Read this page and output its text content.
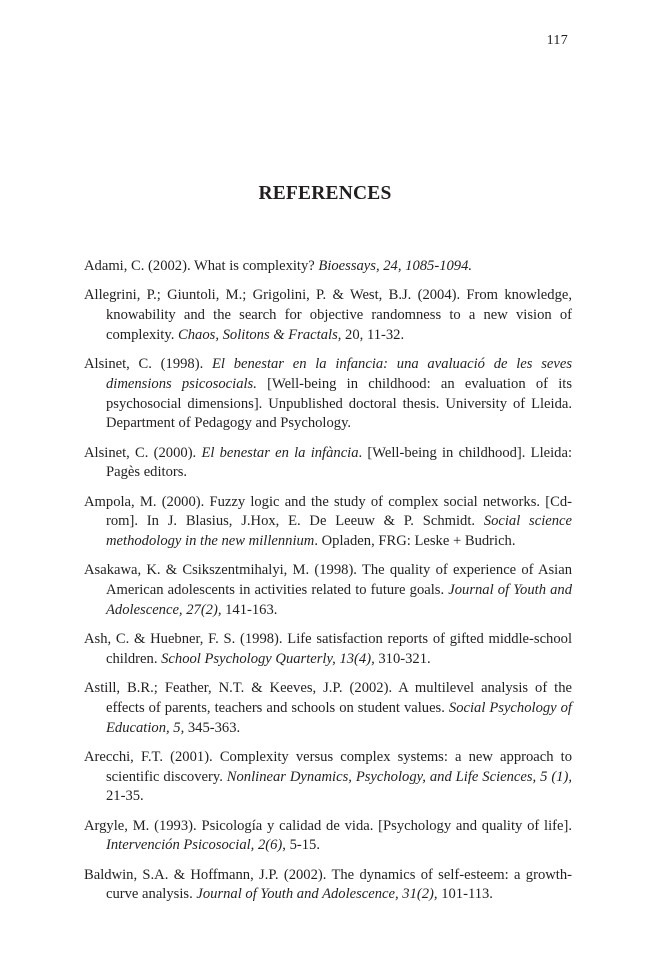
117
REFERENCES
Adami, C. (2002). What is complexity? Bioessays, 24, 1085-1094.
Allegrini, P.; Giuntoli, M.; Grigolini, P. & West, B.J. (2004). From knowledge, knowability and the search for objective randomness to a new vision of complexity. Chaos, Solitons & Fractals, 20, 11-32.
Alsinet, C. (1998). El benestar en la infancia: una avaluació de les seves dimensions psicosocials. [Well-being in childhood: an evaluation of its psychosocial dimensions]. Unpublished doctoral thesis. University of Lleida. Department of Pedagogy and Psychology.
Alsinet, C. (2000). El benestar en la infància. [Well-being in childhood]. Lleida: Pagès editors.
Ampola, M. (2000). Fuzzy logic and the study of complex social networks. [Cd-rom]. In J. Blasius, J.Hox, E. De Leeuw & P. Schmidt. Social science methodology in the new millennium. Opladen, FRG: Leske + Budrich.
Asakawa, K. & Csikszentmihalyi, M. (1998). The quality of experience of Asian American adolescents in activities related to future goals. Journal of Youth and Adolescence, 27(2), 141-163.
Ash, C. & Huebner, F. S. (1998). Life satisfaction reports of gifted middle-school children. School Psychology Quarterly, 13(4), 310-321.
Astill, B.R.; Feather, N.T. & Keeves, J.P. (2002). A multilevel analysis of the effects of parents, teachers and schools on student values. Social Psychology of Education, 5, 345-363.
Arecchi, F.T. (2001). Complexity versus complex systems: a new approach to scientific discovery. Nonlinear Dynamics, Psychology, and Life Sciences, 5 (1), 21-35.
Argyle, M. (1993). Psicología y calidad de vida. [Psychology and quality of life]. Intervención Psicosocial, 2(6), 5-15.
Baldwin, S.A. & Hoffmann, J.P. (2002). The dynamics of self-esteem: a growth-curve analysis. Journal of Youth and Adolescence, 31(2), 101-113.
